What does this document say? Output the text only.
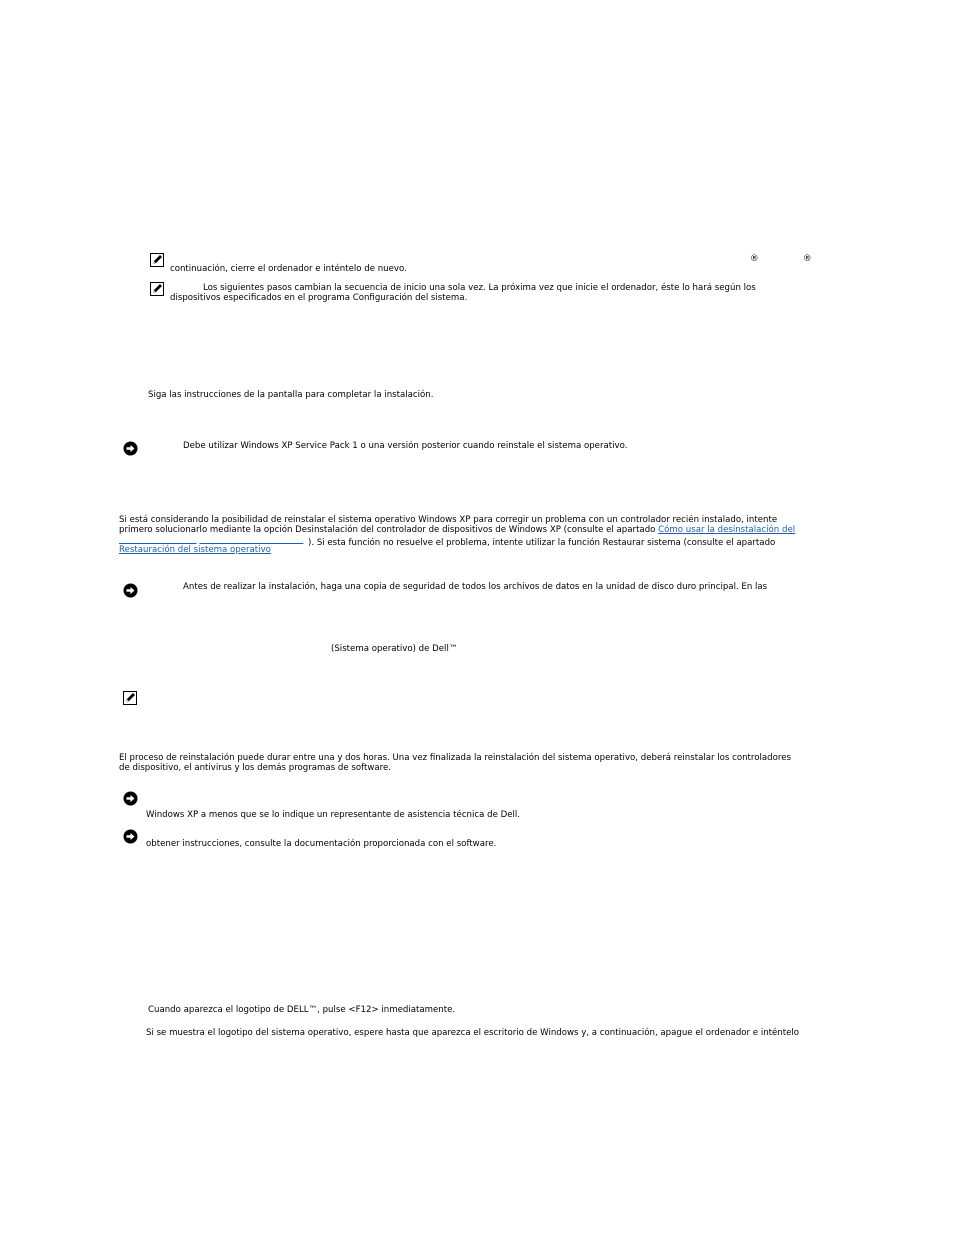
®	®
continuación, cierre el ordenador e inténtelo de nuevo.
Los siguientes pasos cambian la secuencia de inicio una sola vez. La próxima vez que inicie el ordenador, éste lo hará según los
dispositivos especificados en el programa Configuración del sistema.
Siga las instrucciones de la pantalla para completar la instalación.
Debe utilizar Windows XP Service Pack 1 o una versión posterior cuando reinstale el sistema operativo.
Si está considerando la posibilidad de reinstalar el sistema operativo Windows XP para corregir un problema con un controlador recién instalado, intente
primero solucionarlo mediante la opción Desinstalación del controlador de dispositivos de Windows XP (consulte el apartado Cómo usar la desinstalación del
). Si esta función no resuelve el problema, intente utilizar la función Restaurar sistema (consulte el apartado
Restauración del sistema operativo
Antes de realizar la instalación, haga una copia de seguridad de todos los archivos de datos en la unidad de disco duro principal. En las
(Sistema operativo) de Dell™
El proceso de reinstalación puede durar entre una y dos horas. Una vez finalizada la reinstalación del sistema operativo, deberá reinstalar los controladores
de dispositivo, el antivirus y los demás programas de software.
Windows XP a menos que se lo indique un representante de asistencia técnica de Dell.
obtener instrucciones, consulte la documentación proporcionada con el software.
Cuando aparezca el logotipo de DELL™, pulse <F12> inmediatamente.
Si se muestra el logotipo del sistema operativo, espere hasta que aparezca el escritorio de Windows y, a continuación, apague el ordenador e inténtelo
